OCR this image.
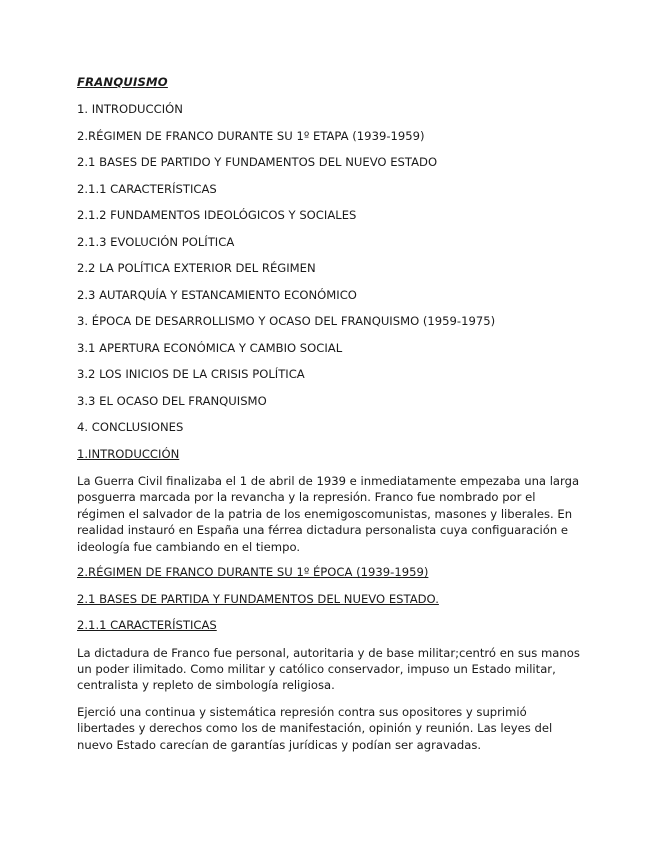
FRANQUISMO
1. INTRODUCCIÓN
2.RÉGIMEN DE FRANCO DURANTE SU 1º ETAPA (1939-1959)
2.1 BASES DE PARTIDO Y FUNDAMENTOS DEL NUEVO ESTADO
2.1.1 CARACTERÍSTICAS
2.1.2 FUNDAMENTOS IDEOLÓGICOS Y SOCIALES
2.1.3 EVOLUCIÓN POLÍTICA
2.2 LA POLÍTICA EXTERIOR DEL RÉGIMEN
2.3 AUTARQUÍA Y ESTANCAMIENTO ECONÓMICO
3. ÉPOCA DE DESARROLLISMO Y OCASO DEL FRANQUISMO (1959-1975)
3.1 APERTURA ECONÓMICA Y CAMBIO SOCIAL
3.2 LOS INICIOS DE LA CRISIS POLÍTICA
3.3 EL OCASO DEL FRANQUISMO
4. CONCLUSIONES
1.INTRODUCCIÓN

La Guerra Civil finalizaba el 1 de abril de 1939 e inmediatamente empezaba una larga posguerra marcada por la revancha y la represión. Franco fue nombrado por el régimen el salvador de la patria de los enemigoscomunistas, masones y liberales. En realidad instauró en España una férrea dictadura personalista cuya configuaración e ideología fue cambiando en el tiempo.

2.RÉGIMEN DE FRANCO DURANTE SU 1º ÉPOCA (1939-1959)
2.1 BASES DE PARTIDA Y FUNDAMENTOS DEL NUEVO ESTADO.
2.1.1 CARACTERÍSTICAS

La dictadura de Franco fue personal, autoritaria y de base militar;centró en sus manos un poder ilimitado. Como militar y católico conservador, impuso un Estado militar, centralista y repleto de simbología religiosa.

Ejerció una continua y sistemática represión contra sus opositores y suprimió libertades y derechos como los de manifestación, opinión y reunión. Las leyes del nuevo Estado carecían de garantías jurídicas y podían ser agravadas.
